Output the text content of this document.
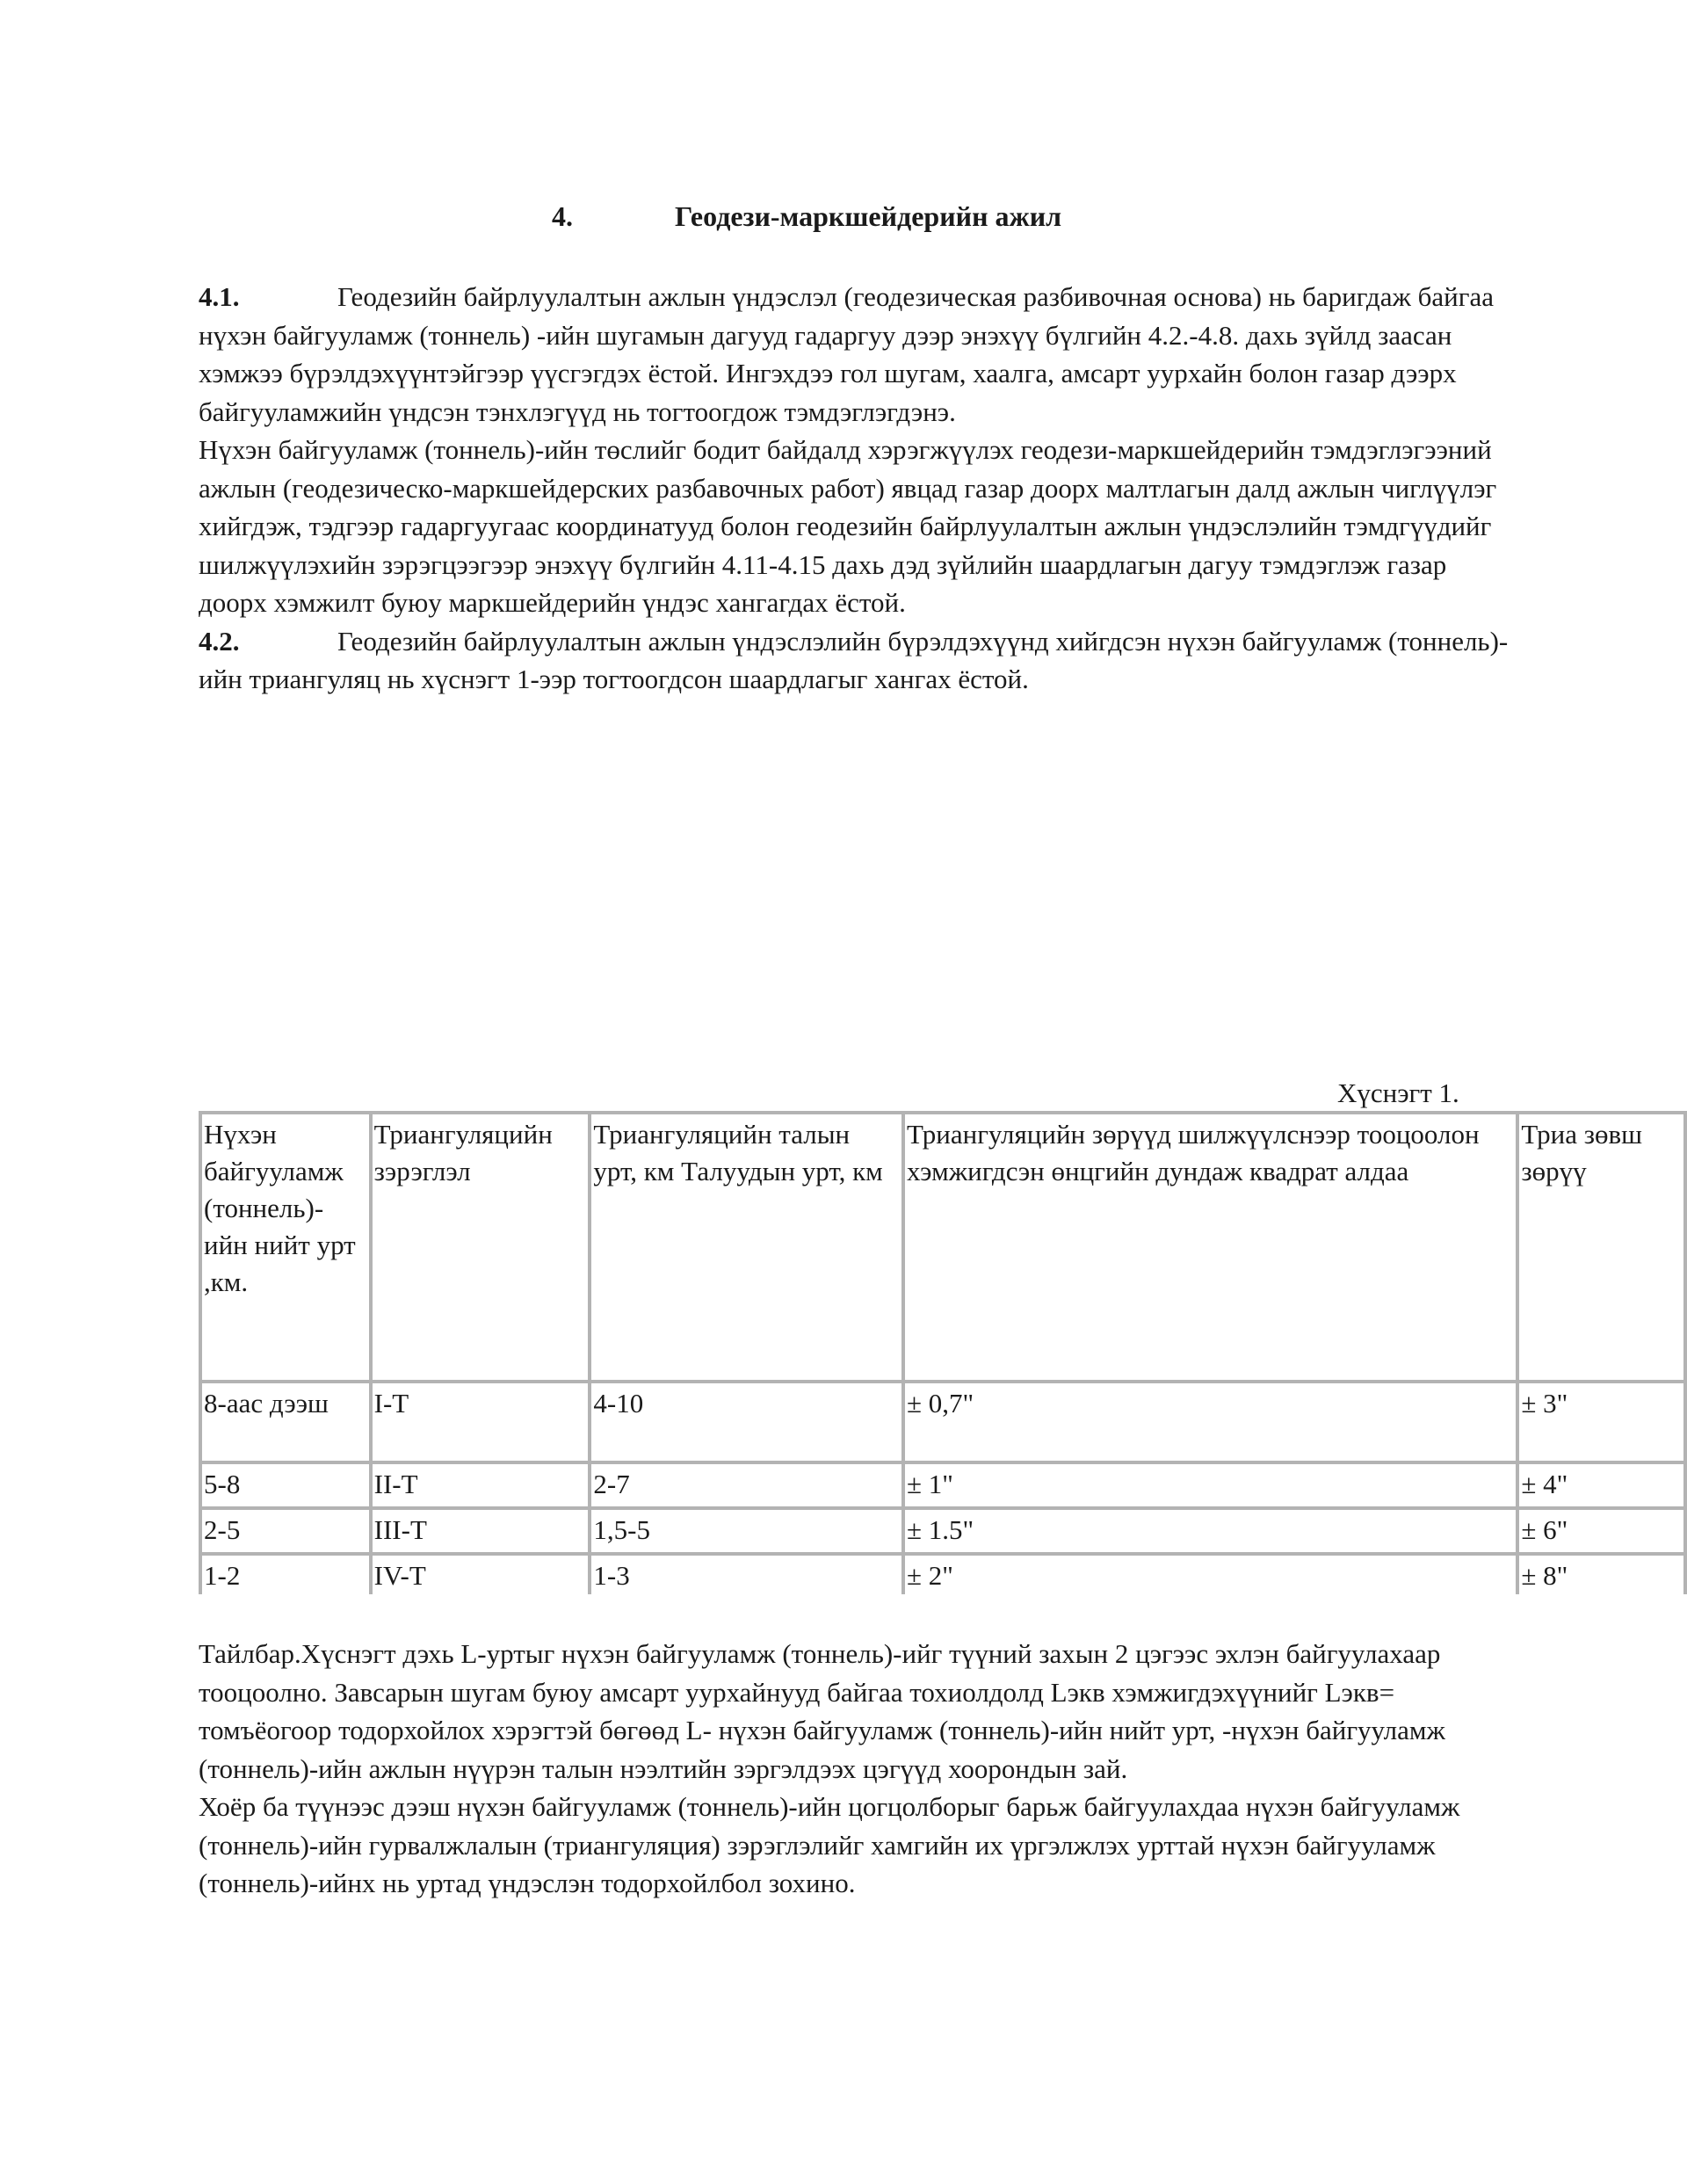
4.	Геодези-маркшейдерийн ажил

4.1.	Геодезийн байрлуулалтын ажлын үндэслэл (геодезическая разбивочная основа) нь баригдаж байгаа нүхэн байгууламж (тоннель) -ийн шугамын дагууд гадаргуу дээр энэхүү бүлгийн 4.2.-4.8. дахь зүйлд заасан хэмжээ бүрэлдэхүүнтэйгээр үүсгэгдэх ёстой. Ингэхдээ гол шугам, хаалга, амсарт уурхайн болон газар дээрх байгууламжийн үндсэн тэнхлэгүүд нь тогтоогдож тэмдэглэгдэнэ.

Нүхэн байгууламж (тоннель)-ийн төслийг бодит байдалд хэрэгжүүлэх геодези-маркшейдерийн тэмдэглэгээний ажлын (геодезическо-маркшейдерских разбавочных работ) явцад газар доорх малтлагын далд ажлын чиглүүлэг хийгдэж, тэдгээр гадаргуугаас координатууд болон геодезийн байрлуулалтын ажлын үндэслэлийн тэмдгүүдийг шилжүүлэхийн зэрэгцээгээр энэхүү бүлгийн 4.11-4.15 дахь дэд зүйлийн шаардлагын дагуу тэмдэглэж газар доорх хэмжилт буюу маркшейдерийн үндэс хангагдах ёстой.

4.2.	Геодезийн байрлуулалтын ажлын үндэслэлийн бүрэлдэхүүнд хийгдсэн нүхэн байгууламж (тоннель)-ийн триангуляц нь хүснэгт 1-ээр тогтоогдсон шаардлагыг хангах ёстой.

Хүснэгт 1.
Нүхэн байгууламж (тоннель)-ийн нийт урт ,км.	Триангуляцийн зэрэглэл	Триангуляцийн талын урт, км Талуудын урт, км	Триангуляцийн зөрүүд шилжүүлснээр тооцоолон хэмжигдсэн өнцгийн дундаж квадрат алдаа	Триа зөвш зөрүү
8-аас дээш	I-T	4-10	± 0,7"	± 3"
5-8	II-T	2-7	± 1"	± 4"
2-5	III-T	1,5-5	± 1.5"	± 6"
1-2	IV-T	1-3	± 2"	± 8"

Тайлбар.Хүснэгт дэхь L-уртыг нүхэн байгууламж (тоннель)-ийг түүний захын 2 цэгээс эхлэн байгуулахаар тооцоолно. Завсарын шугам буюу амсарт уурхайнууд байгаа тохиолдолд Lэкв хэмжигдэхүүнийг Lэкв= томъёогоор тодорхойлох хэрэгтэй бөгөөд L- нүхэн байгууламж (тоннель)-ийн нийт урт, -нүхэн байгууламж (тоннель)-ийн ажлын нүүрэн талын нээлтийн зэргэлдээх цэгүүд хоорондын зай.

Хоёр ба түүнээс дээш нүхэн байгууламж (тоннель)-ийн цогцолборыг барьж байгуулахдаа нүхэн байгууламж (тоннель)-ийн гурвалжлалын (триангуляция) зэрэглэлийг хамгийн их үргэлжлэх урттай нүхэн байгууламж (тоннель)-ийнх нь уртад үндэслэн тодорхойлбол зохино.
